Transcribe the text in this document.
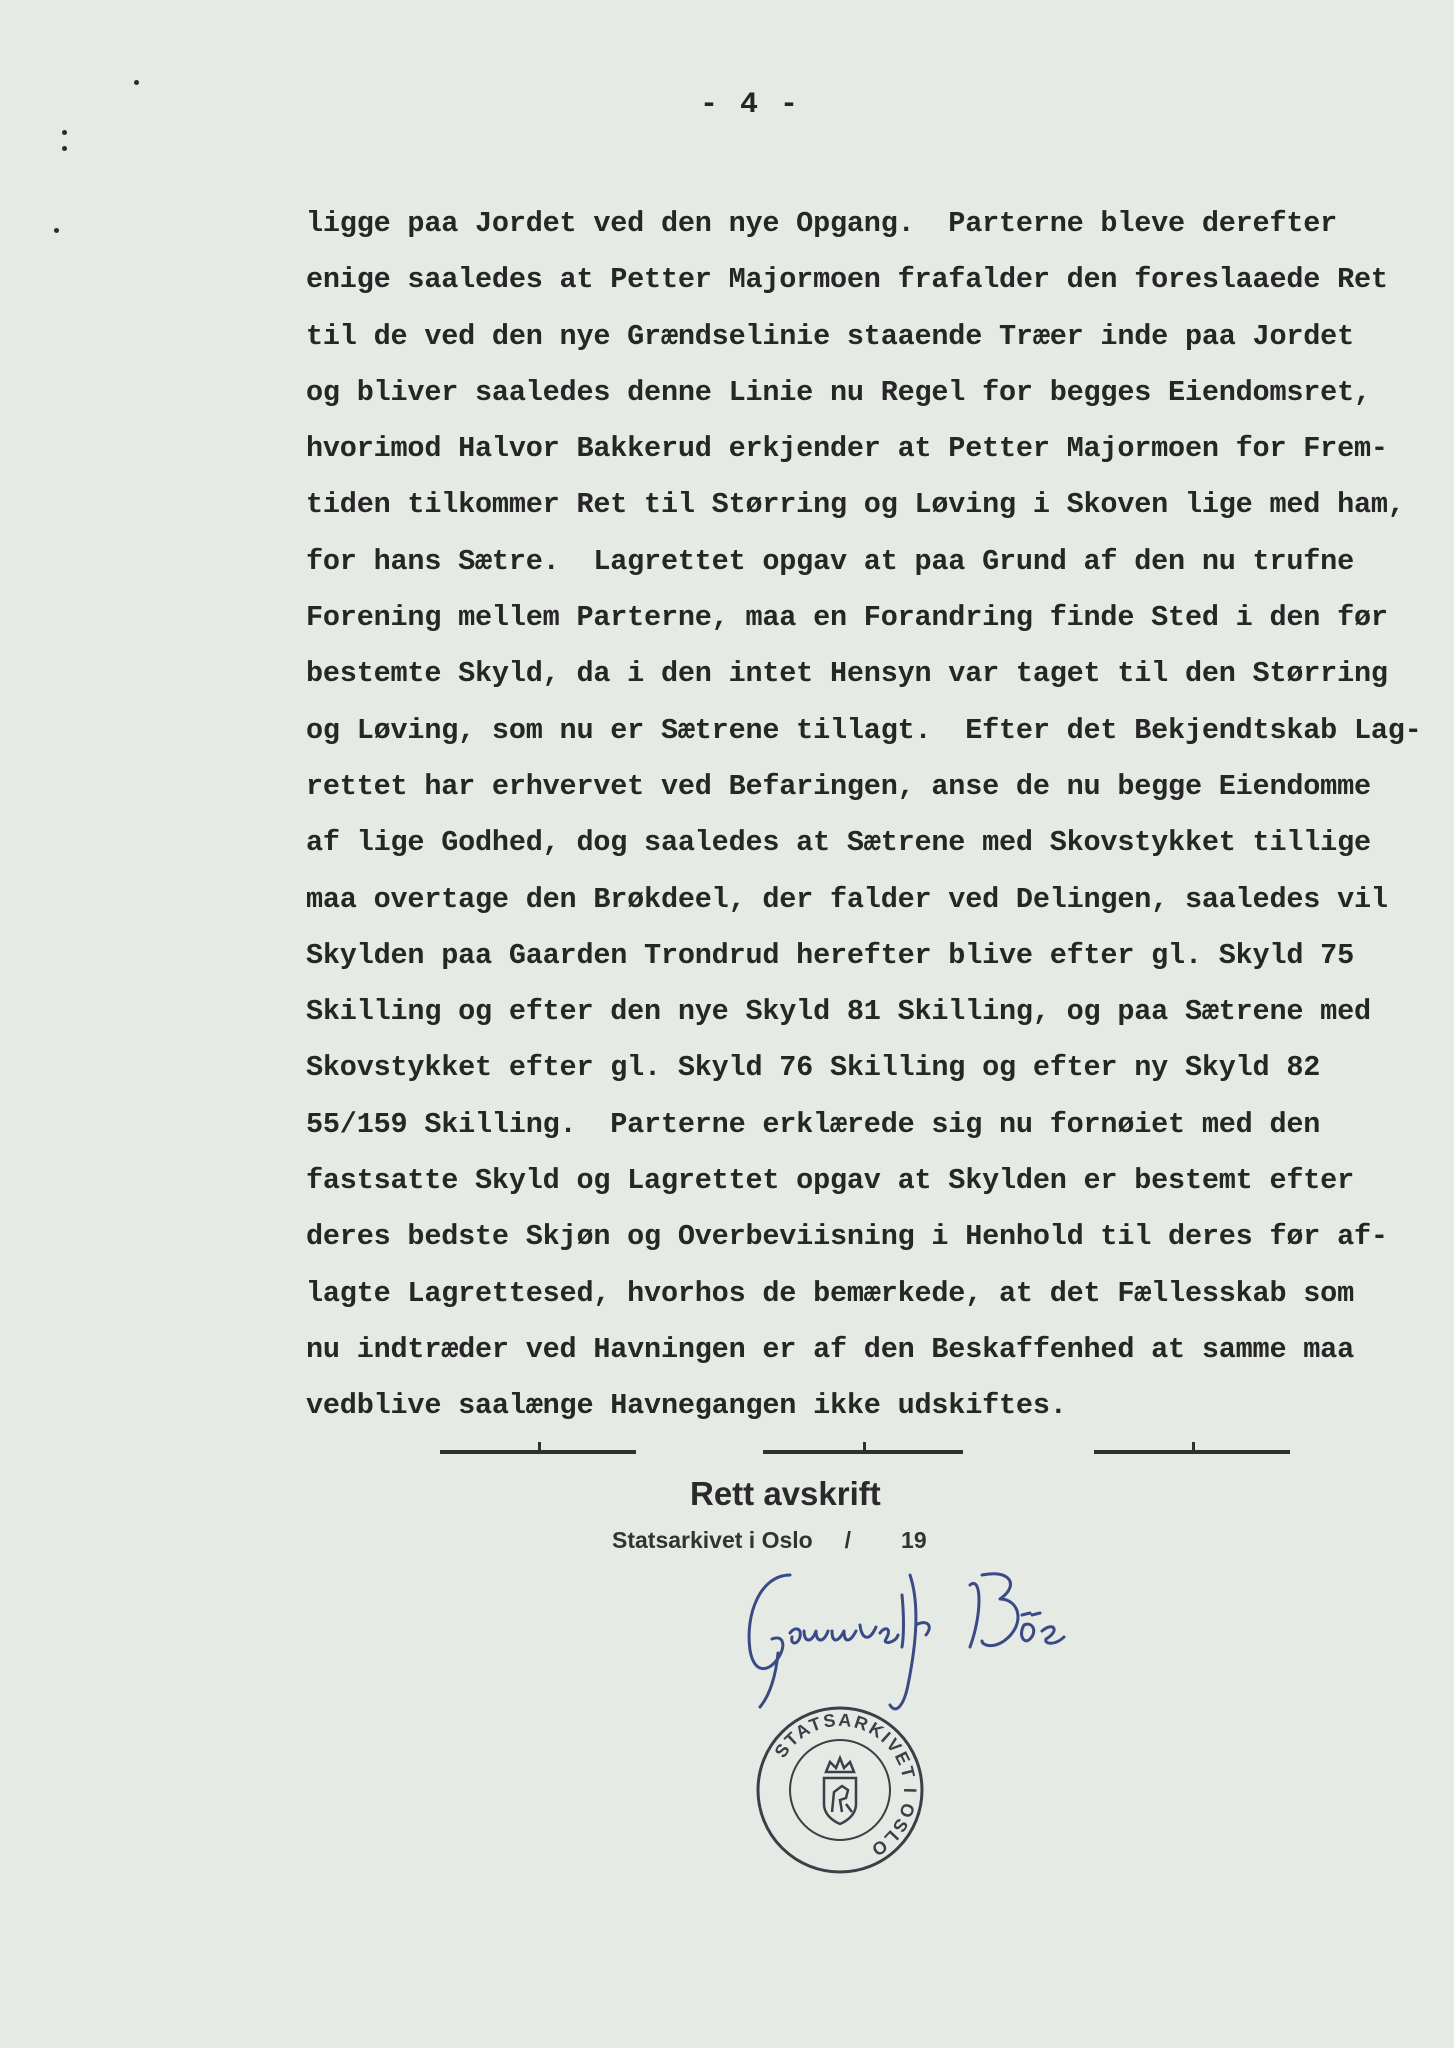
- 4 -
ligge paa Jordet ved den nye Opgang.  Parterne bleve derefter
enige saaledes at Petter Majormoen frafalder den foreslaaede Ret
til de ved den nye Grændselinie staaende Træer inde paa Jordet
og bliver saaledes denne Linie nu Regel for begges Eiendomsret,
hvorimod Halvor Bakkerud erkjender at Petter Majormoen for Frem-
tiden tilkommer Ret til Størring og Løving i Skoven lige med ham,
for hans Sætre.  Lagrettet opgav at paa Grund af den nu trufne
Forening mellem Parterne, maa en Forandring finde Sted i den før
bestemte Skyld, da i den intet Hensyn var taget til den Størring
og Løving, som nu er Sætrene tillagt.  Efter det Bekjendtskab Lag-
rettet har erhvervet ved Befaringen, anse de nu begge Eiendomme
af lige Godhed, dog saaledes at Sætrene med Skovstykket tillige
maa overtage den Brøkdeel, der falder ved Delingen, saaledes vil
Skylden paa Gaarden Trondrud herefter blive efter gl. Skyld 75
Skilling og efter den nye Skyld 81 Skilling, og paa Sætrene med
Skovstykket efter gl. Skyld 76 Skilling og efter ny Skyld 82
55/159 Skilling.  Parterne erklærede sig nu fornøiet med den
fastsatte Skyld og Lagrettet opgav at Skylden er bestemt efter
deres bedste Skjøn og Overbeviisning i Henhold til deres før af-
lagte Lagrettesed, hvorhos de bemærkede, at det Fællesskab som
nu indtræder ved Havningen er af den Beskaffenhed at samme maa
vedblive saalænge Havnegangen ikke udskiftes.
Rett avskrift
Statsarkivet i Oslo / 19
Gunnvald Bøe
STATSARKIVET I OSLO
